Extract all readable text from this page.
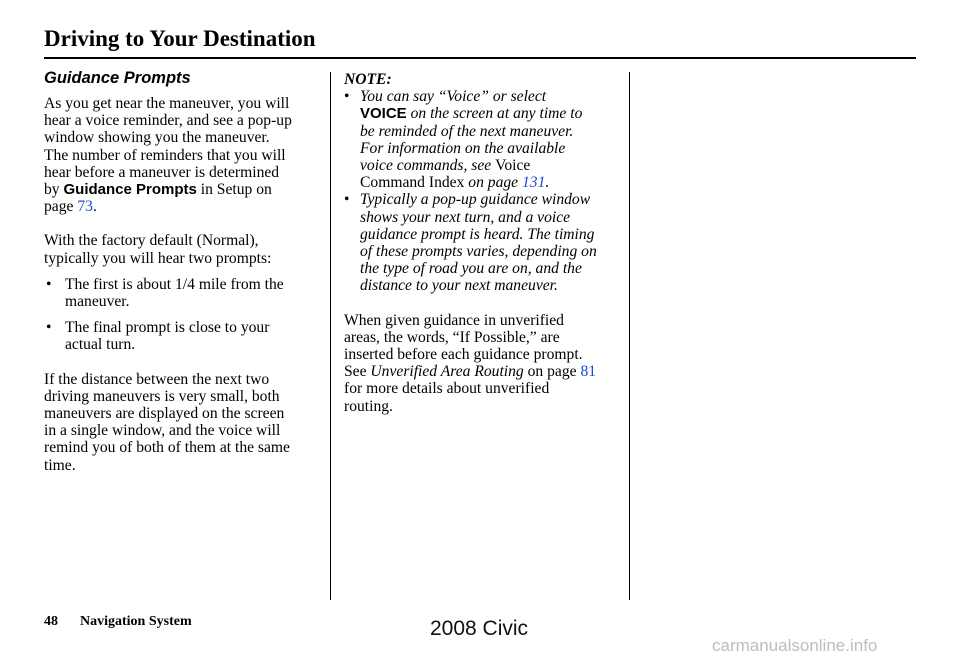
Driving to Your Destination
Guidance Prompts

As you get near the maneuver, you will
hear a voice reminder, and see a pop-up
window showing you the maneuver.
The number of reminders that you will
hear before a maneuver is determined
by Guidance Prompts in Setup on
page 73.

With the factory default (Normal),
typically you will hear two prompts:

• The first is about 1/4 mile from the
maneuver.
• The final prompt is close to your
actual turn.

If the distance between the next two
driving maneuvers is very small, both
maneuvers are displayed on the screen
in a single window, and the voice will
remind you of both of them at the same
time.

NOTE:

• You can say “Voice” or select
VOICE on the screen at any time to
be reminded of the next maneuver.
For information on the available
voice commands, see Voice
Command Index on page 131.
• Typically a pop-up guidance window
shows your next turn, and a voice
guidance prompt is heard. The timing
of these prompts varies, depending on
the type of road you are on, and the
distance to your next maneuver.

When given guidance in unverified
areas, the words, “If Possible,” are
inserted before each guidance prompt.
See Unverified Area Routing on page 81
for more details about unverified
routing.

48 Navigation System	2008 Civic
carmanualsonline.info
